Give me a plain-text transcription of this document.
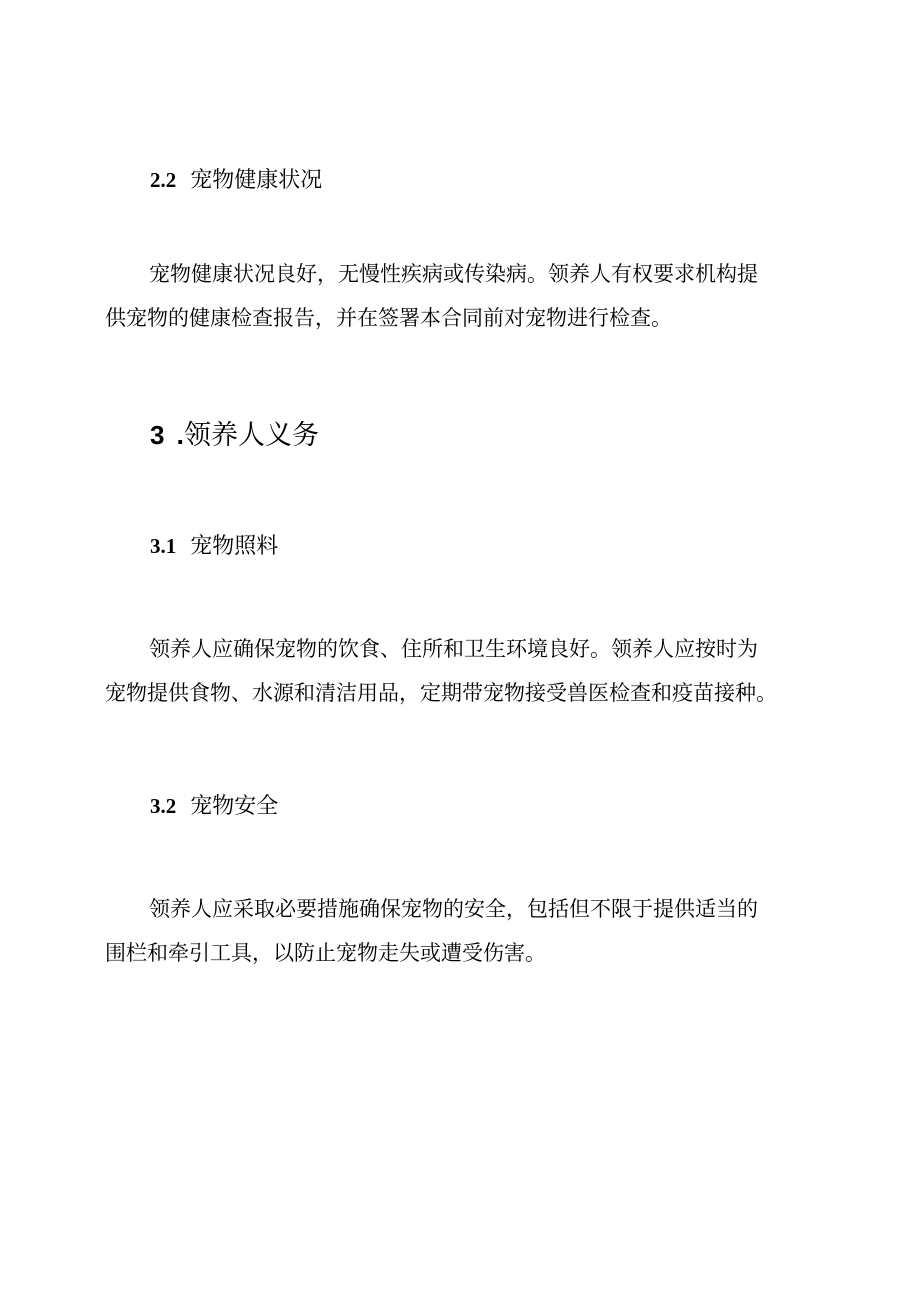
2.2 宠物健康状况

宠物健康状况良好，无慢性疾病或传染病。领养人有权要求机构提
供宠物的健康检查报告，并在签署本合同前对宠物进行检查。

3 .领养人义务
3.1 宠物照料

领养人应确保宠物的饮食、住所和卫生环境良好。领养人应按时为
宠物提供食物、水源和清洁用品，定期带宠物接受兽医检查和疫苗接种。

3.2 宠物安全

领养人应采取必要措施确保宠物的安全，包括但不限于提供适当的
围栏和牵引工具，以防止宠物走失或遭受伤害。
